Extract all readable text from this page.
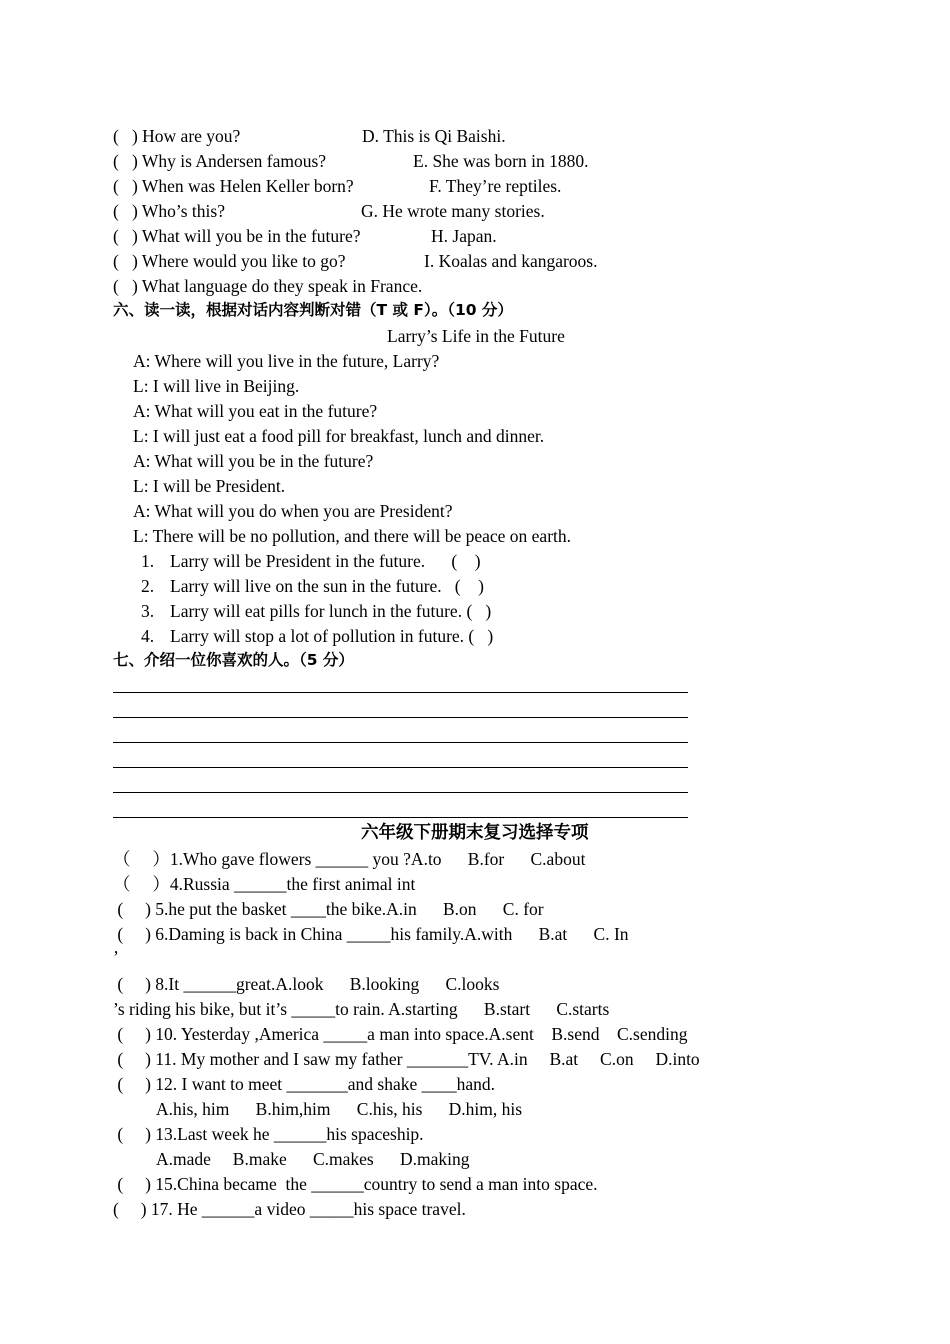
(   ) How are you?	D. This is Qi Baishi.
(   ) Why is Andersen famous?	E. She was born in 1880.
(   ) When was Helen Keller born?	F. They’re reptiles.
(   ) Who’s this?	G. He wrote many stories.
(   ) What will you be in the future?	H. Japan.
(   ) Where would you like to go?	I. Koalas and kangaroos.
(   ) What language do they speak in France.
六、读一读，根据对话内容判断对错（T 或 F）。（10 分）
Larry’s Life in the Future
A: Where will you live in the future, Larry?
L: I will live in Beijing.
A: What will you eat in the future?
L: I will just eat a food pill for breakfast, lunch and dinner.
A: What will you be in the future?
L: I will be President.
A: What will you do when you are President?
L: There will be no pollution, and there will be peace on earth.
1. Larry will be President in the future.      (    )
2. Larry will live on the sun in the future.   (    )
3. Larry will eat pills for lunch in the future. (   )
4. Larry will stop a lot of pollution in future. (   )
七、介绍一位你喜欢的人。（5 分）
六年级下册期末复习选择专项
（     ）1.Who gave flowers ______ you ?A.to      B.for      C.about
（     ）4.Russia ______the first animal int
(     ) 5.he put the basket ____the bike.A.in      B.on      C. for
(     ) 6.Daming is back in China _____his family.A.with      B.at      C. In
’
(     ) 8.It ______great.A.look      B.looking      C.looks
’s riding his bike, but it’s _____to rain. A.starting      B.start      C.starts
(     ) 10. Yesterday ,America _____a man into space.A.sent    B.send    C.sending
(     ) 11. My mother and I saw my father _______TV. A.in     B.at     C.on     D.into
(     ) 12. I want to meet _______and shake ____hand.
A.his, him      B.him,him      C.his, his      D.him, his
(     ) 13.Last week he ______his spaceship.
A.made     B.make      C.makes      D.making
(     ) 15.China became  the ______country to send a man into space.
(     ) 17. He ______a video _____his space travel.
